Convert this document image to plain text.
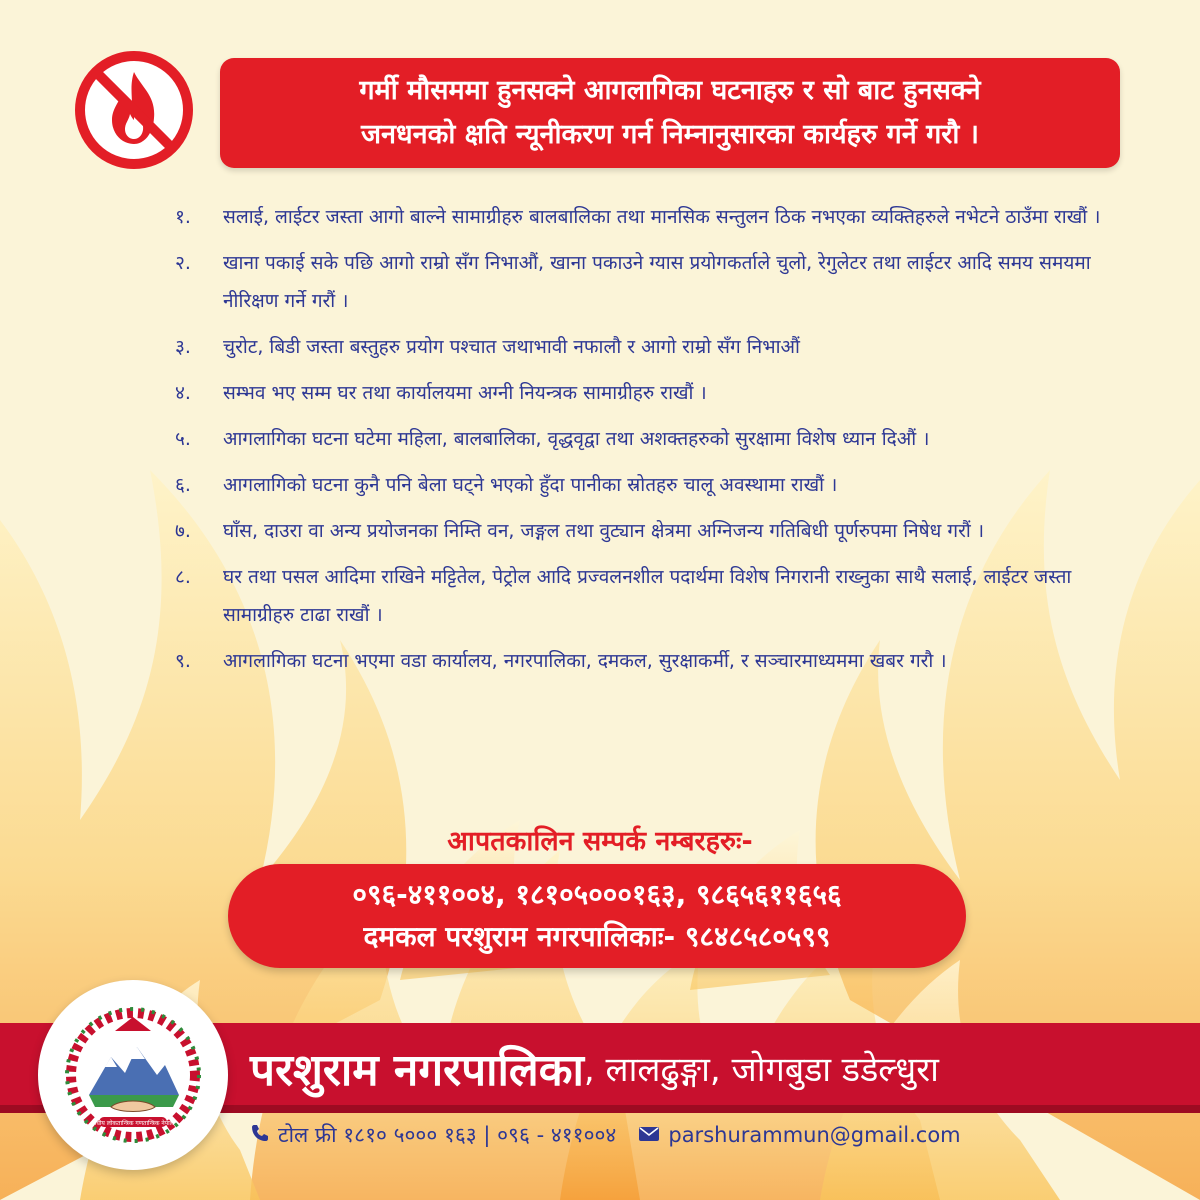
गर्मी मौसममा हुनसक्ने आगलागिका घटनाहरु र सो बाट हुनसक्ने
जनधनको क्षति न्यूनीकरण गर्न निम्नानुसारका कार्यहरु गर्ने गरौ ।
१.	सलाई, लाईटर जस्ता आगो बाल्ने सामाग्रीहरु बालबालिका तथा मानसिक सन्तुलन ठिक नभएका व्यक्तिहरुले नभेटने ठाउँमा राखौं ।
२.	खाना पकाई सके पछि आगो राम्रो सँग निभाऔं, खाना पकाउने ग्यास प्रयोगकर्ताले चुलो, रेगुलेटर तथा लाईटर आदि समय समयमा नीरिक्षण गर्ने गरौं ।
३.	चुरोट, बिडी जस्ता बस्तुहरु प्रयोग पश्चात जथाभावी नफालौ र आगो राम्रो सँग निभाऔं
४.	सम्भव भए सम्म घर तथा कार्यालयमा अग्नी नियन्त्रक सामाग्रीहरु राखौं ।
५.	आगलागिका घटना घटेमा महिला, बालबालिका, वृद्धवृद्वा तथा अशक्तहरुको सुरक्षामा विशेष ध्यान दिऔं ।
६.	आगलागिको घटना कुनै पनि बेला घट्ने भएको हुँदा पानीका स्रोतहरु चालू अवस्थामा राखौं ।
७.	घाँस, दाउरा वा अन्य प्रयोजनका निम्ति वन, जङ्गल तथा वुट्यान क्षेत्रमा अग्निजन्य गतिबिधी पूर्णरुपमा निषेध गरौं ।
८.	घर तथा पसल आदिमा राखिने मट्टितेल, पेट्रोल आदि प्रज्वलनशील पदार्थमा विशेष निगरानी राख्नुका साथै सलाई, लाईटर जस्ता सामाग्रीहरु टाढा राखौं ।
९.	आगलागिका घटना भएमा वडा कार्यालय, नगरपालिका, दमकल, सुरक्षाकर्मी, र सञ्चारमाध्यममा खबर गरौ ।
आपतकालिन सम्पर्क नम्बरहरुः-
०९६-४११००४, १८१०५०००१६३, ९८६५६११६५६
दमकल परशुराम नगरपालिकाः- ९८४८५८०५९९
संघीय लोकतान्त्रिक गणतान्त्रिक नेपाल
परशुराम नगरपालिका , लालढुङ्गा, जोगबुडा डडेल्धुरा
टोल फ्री १८१० ५००० १६३ | ०९६ - ४११००४ parshurammun@gmail.com
